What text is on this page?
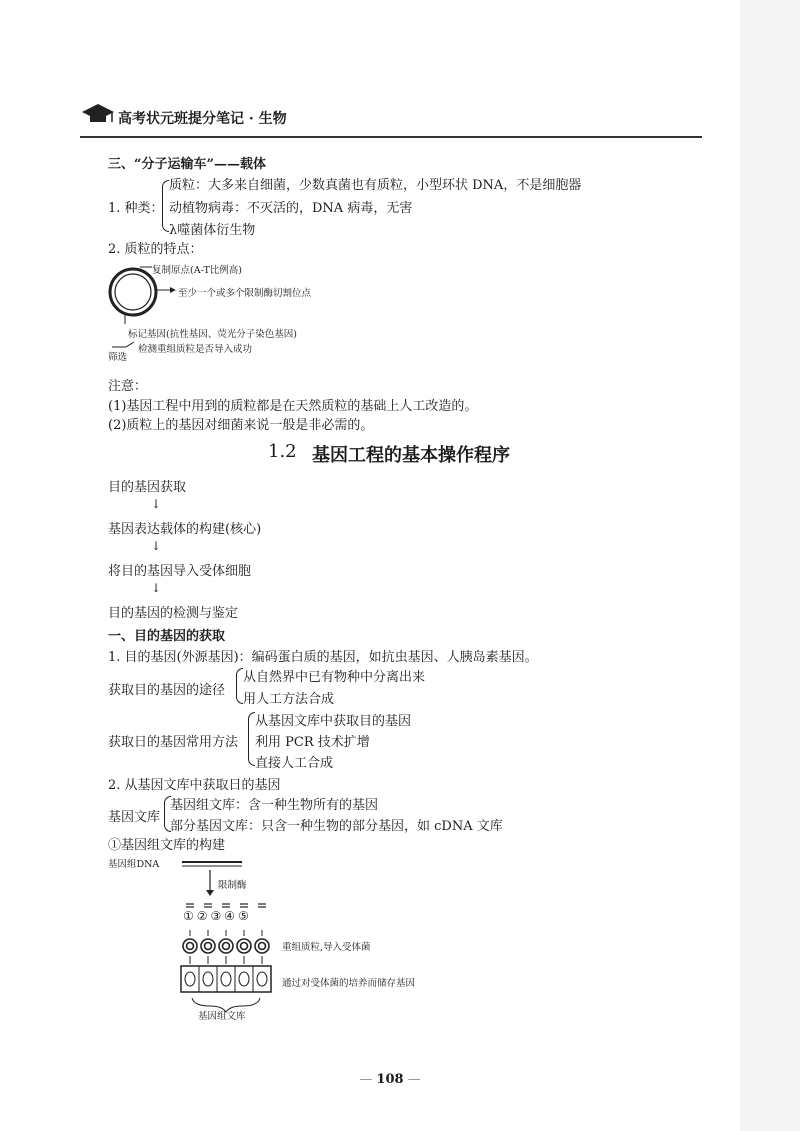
高考状元班提分笔记 · 生物
三、“分子运输车”——载体
1. 种类：
质粒：大多来自细菌，少数真菌也有质粒，小型环状 DNA，不是细胞器
动植物病毒：不灭活的，DNA 病毒，无害
λ噬菌体衍生物
2. 质粒的特点：
复制原点(A-T比例高)
至少一个或多个限制酶切割位点
标记基因(抗性基因、荧光分子染色基因)
检测重组质粒是否导入成功
筛选
注意：
(1)基因工程中用到的质粒都是在天然质粒的基础上人工改造的。
(2)质粒上的基因对细菌来说一般是非必需的。
1.2 基因工程的基本操作程序
目的基因获取
↓
基因表达载体的构建(核心)
↓
将目的基因导入受体细胞
↓
目的基因的检测与鉴定
一、目的基因的获取
1. 目的基因(外源基因)：编码蛋白质的基因，如抗虫基因、人胰岛素基因。
获取目的基因的途径
从自然界中已有物种中分离出来
用人工方法合成
获取日的基因常用方法
从基因文库中获取目的基因
利用 PCR 技术扩增
直接人工合成
2. 从基因文库中获取日的基因
基因文库
基因组文库：含一种生物所有的基因
部分基因文库：只含一种生物的部分基因，如 cDNA 文库
①基因组文库的构建
基因组DNA
限制酶
①②③④⑤
重组质粒,导入受体菌
通过对受体菌的培养而储存基因
基因组文库
— 108 —
